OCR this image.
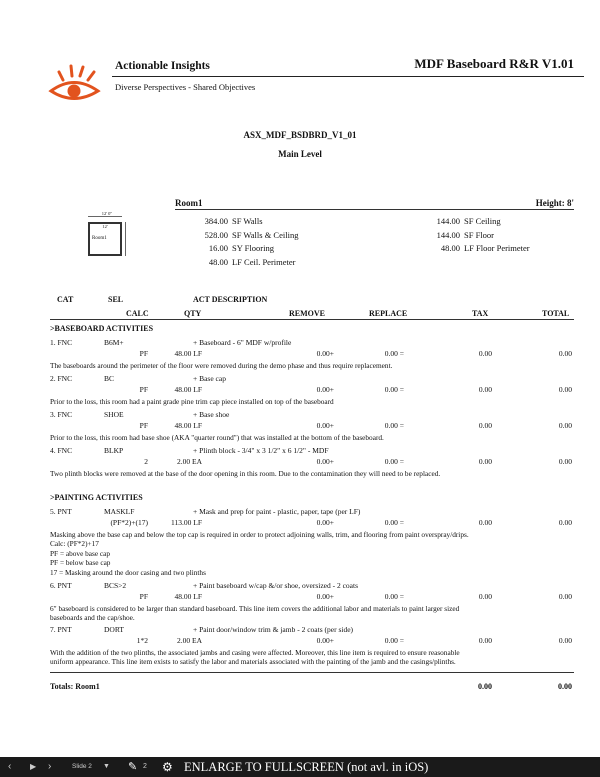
Actionable Insights
Diverse Perspectives - Shared Objectives
MDF Baseboard R&R V1.01
ASX_MDF_BSDBRD_V1_01
Main Level
Room1	Height: 8'
12' 0"
12'
Room1
384.00 SF Walls
528.00 SF Walls & Ceiling
16.00 SY Flooring
48.00 LF Ceil. Perimeter
144.00 SF Ceiling
144.00 SF Floor
48.00 LF Floor Perimeter
CAT	SEL	ACT DESCRIPTION
CALC	QTY	REMOVE	REPLACE	TAX	TOTAL
>BASEBOARD ACTIVITIES
1. FNC	B6M+	+ Baseboard - 6" MDF w/profile
PF	48.00 LF	0.00+	0.00 =	0.00	0.00
The baseboards around the perimeter of the floor were removed during the demo phase and thus require replacement.
2. FNC	BC	+ Base cap
PF	48.00 LF	0.00+	0.00 =	0.00	0.00
Prior to the loss, this room had a paint grade pine trim cap piece installed on top of the baseboard
3. FNC	SHOE	+ Base shoe
PF	48.00 LF	0.00+	0.00 =	0.00	0.00
Prior to the loss, this room had base shoe (AKA "quarter round") that was installed at the bottom of the baseboard.
4. FNC	BLKP	+ Plinth block - 3/4" x 3 1/2" x 6 1/2" - MDF
2	2.00 EA	0.00+	0.00 =	0.00	0.00
Two plinth blocks were removed at the base of the door opening in this room. Due to the contamination they will need to be replaced.
>PAINTING ACTIVITIES
5. PNT	MASKLF	+ Mask and prep for paint - plastic, paper, tape (per LF)
(PF*2)+(17)	113.00 LF	0.00+	0.00 =	0.00	0.00
Masking above the base cap and below the top cap is required in order to protect adjoining walls, trim, and flooring from paint overspray/drips.
Calc: (PF*2)+17
PF = above base cap
PF = below base cap
17 = Masking around the door casing and two plinths
6. PNT	BCS>2	+ Paint baseboard w/cap &/or shoe, oversized - 2 coats
PF	48.00 LF	0.00+	0.00 =	0.00	0.00
6" baseboard is considered to be larger than standard baseboard. This line item covers the additional labor and materials to paint larger sized
baseboards and the cap/shoe.
7. PNT	DORT	+ Paint door/window trim & jamb - 2 coats (per side)
1*2	2.00 EA	0.00+	0.00 =	0.00	0.00
With the addition of the two plinths, the associated jambs and casing were affected. Moreover, this line item is required to ensure reasonable
uniform appearance. This line item exists to satisfy the labor and materials associated with the painting of the jamb and the casings/plinths.
Totals: Room1	0.00	0.00
‹ ▶ ›	Slide 2	▼ ✎ 2 ⚙ ENLARGE TO FULLSCREEN (not avl. in iOS)
